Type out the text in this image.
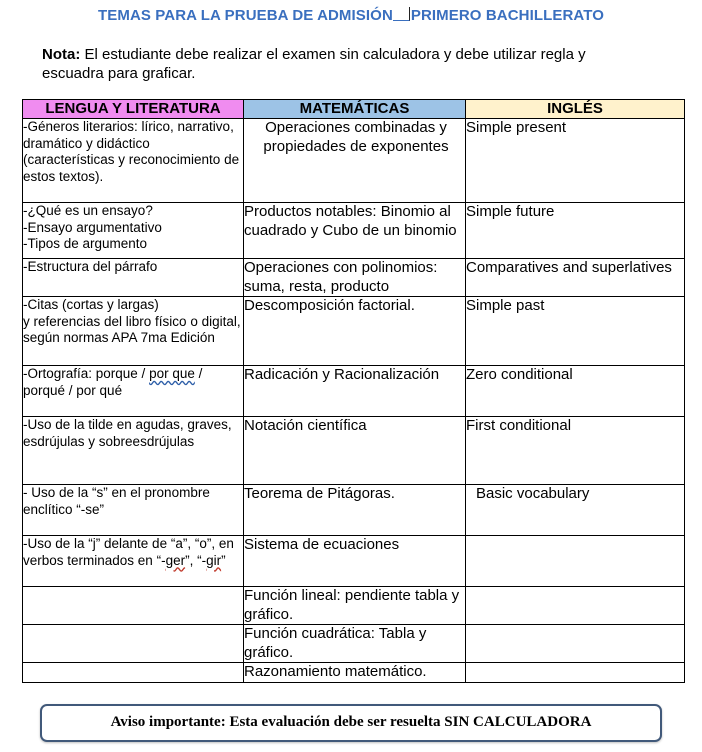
TEMAS PARA LA PRUEBA DE ADMISIÓN PRIMERO BACHILLERATO
Nota: El estudiante debe realizar el examen sin calculadora y debe utilizar regla y escuadra para graficar.
LENGUA Y LITERATURA	MATEMÁTICAS	INGLÉS

-Géneros literarios: lírico, narrativo, dramático y didáctico (características y reconocimiento de estos textos).	Operaciones combinadas y propiedades de exponentes	Simple present

-¿Qué es un ensayo?
-Ensayo argumentativo
-Tipos de argumento	Productos notables: Binomio al cuadrado y Cubo de un binomio	Simple future

-Estructura del párrafo	Operaciones con polinomios: suma, resta, producto	Comparatives and superlatives

-Citas (cortas y largas)
y referencias del libro físico o digital, según normas APA 7ma Edición	Descomposición factorial.	Simple past
-Ortografía: porque / por que / porqué / por qué	Radicación y Racionalización	Zero conditional

-Uso de la tilde en agudas, graves, esdrújulas y sobreesdrújulas	Notación científica	First conditional

- Uso de la “s” en el pronombre enclítico “-se”	Teorema de Pitágoras.	Basic vocabulary
-Uso de la “j” delante de “a”, “o”, en verbos terminados en “-ger”, “-gir”	Sistema de ecuaciones	

	Función lineal: pendiente tabla y gráfico.	

	Función cuadrática: Tabla y gráfico.	

	Razonamiento matemático.	
Aviso importante: Esta evaluación debe ser resuelta SIN CALCULADORA
